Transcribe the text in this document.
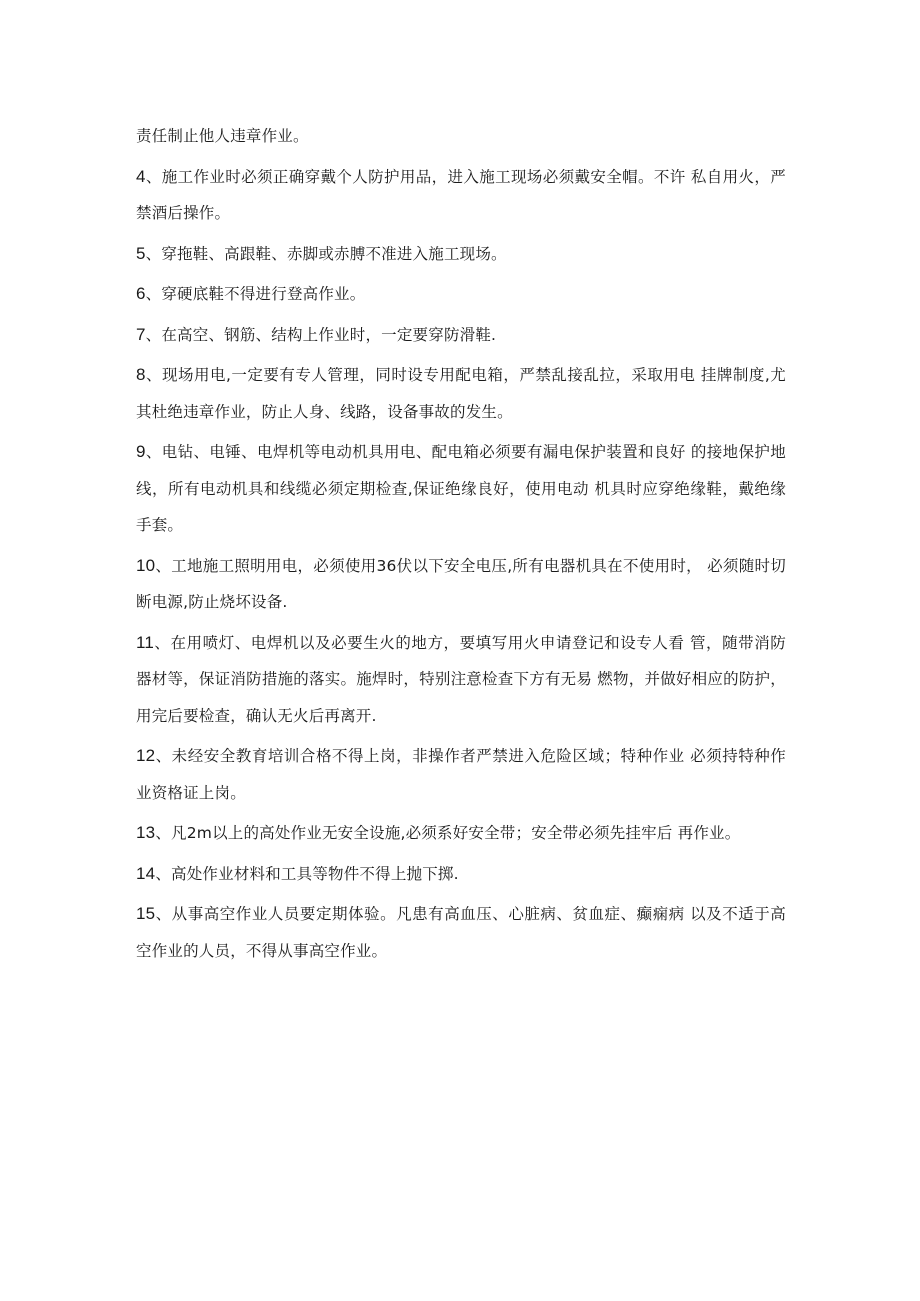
责任制止他人违章作业。

4、施工作业时必须正确穿戴个人防护用品，进入施工现场必须戴安全帽。不许 私自用火，严禁酒后操作。

5、穿拖鞋、高跟鞋、赤脚或赤膊不准进入施工现场。

6、穿硬底鞋不得进行登高作业。

7、在高空、钢筋、结构上作业时，一定要穿防滑鞋.

8、现场用电,一定要有专人管理，同时设专用配电箱，严禁乱接乱拉，采取用电 挂牌制度,尤其杜绝违章作业，防止人身、线路，设备事故的发生。

9、电钻、电锤、电焊机等电动机具用电、配电箱必须要有漏电保护装置和良好 的接地保护地线，所有电动机具和线缆必须定期检查,保证绝缘良好，使用电动 机具时应穿绝缘鞋，戴绝缘手套。

10、工地施工照明用电，必须使用36伏以下安全电压,所有电器机具在不使用时， 必须随时切断电源,防止烧坏设备.

11、在用喷灯、电焊机以及必要生火的地方，要填写用火申请登记和设专人看 管，随带消防器材等，保证消防措施的落实。施焊时，特别注意检查下方有无易 燃物，并做好相应的防护，用完后要检查，确认无火后再离开.

12、未经安全教育培训合格不得上岗，非操作者严禁进入危险区域；特种作业 必须持特种作业资格证上岗。

13、凡2m以上的高处作业无安全设施,必须系好安全带；安全带必须先挂牢后 再作业。

14、高处作业材料和工具等物件不得上抛下掷.

15、从事高空作业人员要定期体验。凡患有高血压、心脏病、贫血症、癫痫病 以及不适于高空作业的人员，不得从事高空作业。
